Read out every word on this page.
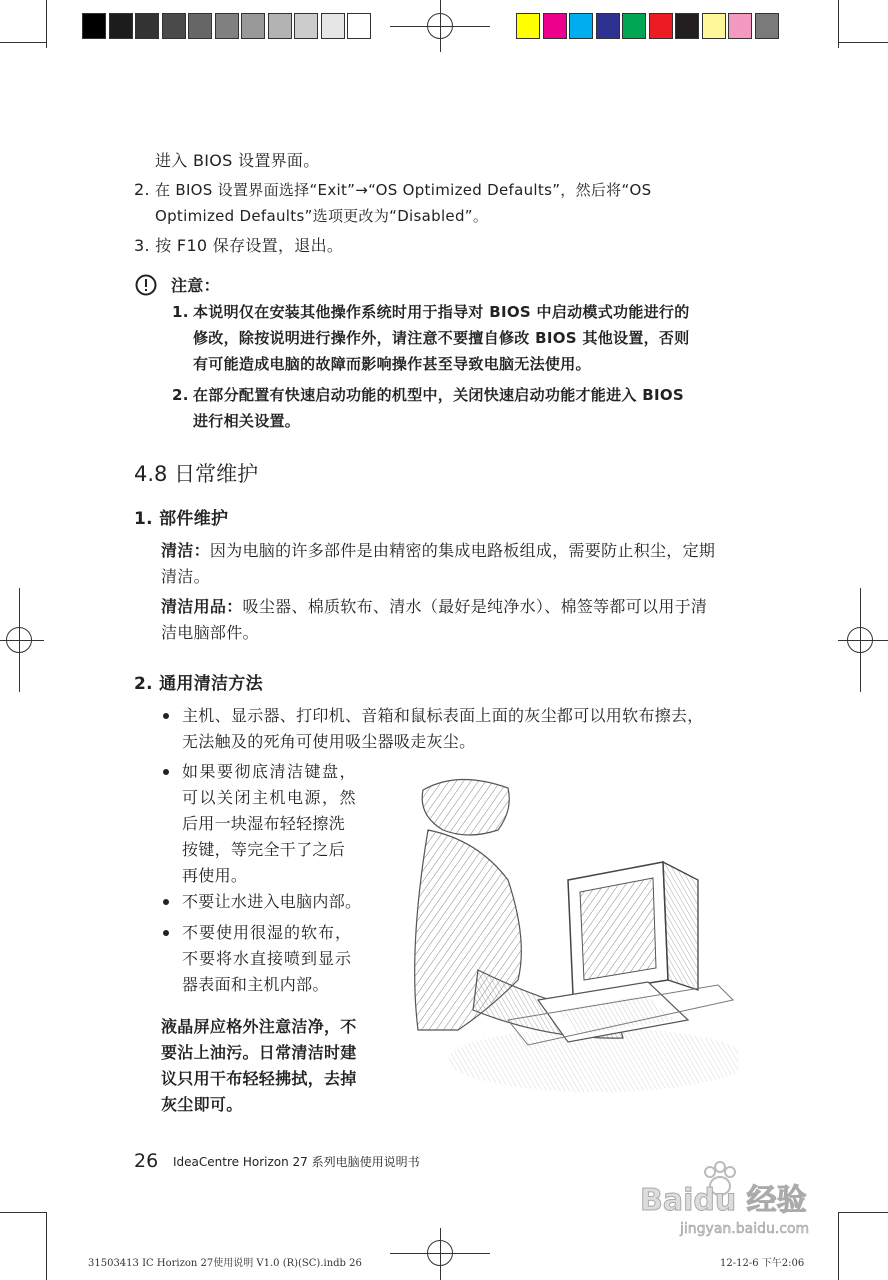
进入 BIOS 设置界面。
2. 在 BIOS 设置界面选择“Exit”→“OS Optimized Defaults”，然后将“OS
Optimized Defaults”选项更改为“Disabled”。
3. 按 F10 保存设置，退出。
注意：
1. 本说明仅在安装其他操作系统时用于指导对 BIOS 中启动模式功能进行的
修改，除按说明进行操作外，请注意不要擅自修改 BIOS 其他设置，否则
有可能造成电脑的故障而影响操作甚至导致电脑无法使用。
2. 在部分配置有快速启动功能的机型中，关闭快速启动功能才能进入 BIOS
进行相关设置。
4.8 日常维护
1. 部件维护
清洁：因为电脑的许多部件是由精密的集成电路板组成，需要防止积尘，定期
清洁。
清洁用品：吸尘器、棉质软布、清水（最好是纯净水）、棉签等都可以用于清
洁电脑部件。
2. 通用清洁方法
主机、显示器、打印机、音箱和鼠标表面上面的灰尘都可以用软布擦去，
无法触及的死角可使用吸尘器吸走灰尘。
如果要彻底清洁键盘，
可以关闭主机电源，然
后用一块湿布轻轻擦洗
按键，等完全干了之后
再使用。
不要让水进入电脑内部。
不要使用很湿的软布，
不要将水直接喷到显示
器表面和主机内部。
液晶屏应格外注意洁净，不
要沾上油污。日常清洁时建
议只用干布轻轻拂拭，去掉
灰尘即可。
26 IdeaCentre Horizon 27 系列电脑使用说明书
31503413 IC Horizon 27使用说明 V1.0 (R)(SC).indb 26	12-12-6 下午2:06
Baidu 经验
jingyan.baidu.com
